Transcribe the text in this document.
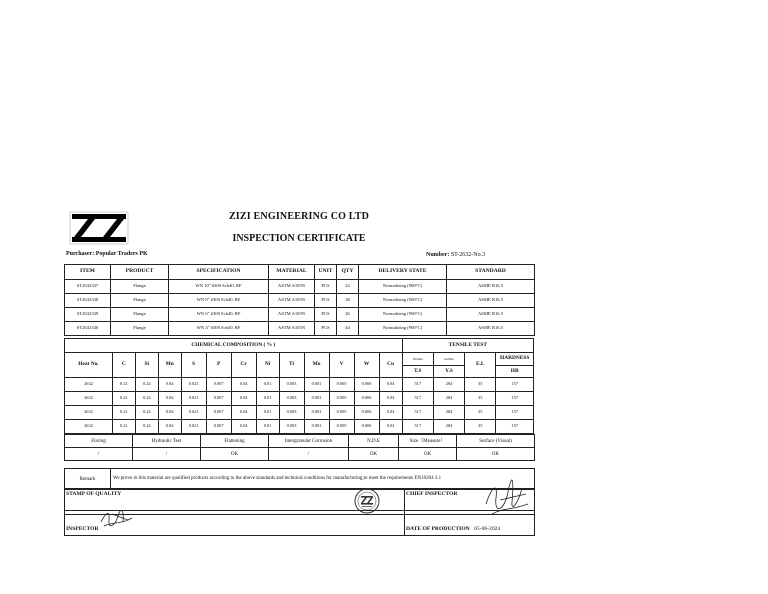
ZIZI ENGINEERING CO LTD
INSPECTION CERTIFICATE
Purchaser: Popular Traders PK	Number: ST-2632-No.3
ITEM	PRODUCT	SPECIFICATION	MATERIAL	UNIT	QTY	DELIVERY STATE	STANDARD
ST2632337	Flange	WN 10" #300 Sch40, RF	ASTM A105N	PCS	22	Normalizing (900°C)	ASME B16.5
ST2632338	Flange	WN 8" #300 Sch40, RF	ASTM A105N	PCS	38	Normalizing (900°C)	ASME B16.5
ST2632339	Flange	WN 6" #300 Sch40, RF	ASTM A105N	PCS	26	Normalizing (900°C)	ASME B16.5
ST2632340	Flange	WN 4" #300 Sch40, RF	ASTM A105N	PCS	44	Normalizing (900°C)	ASME B16.5
CHEMICAL COMPOSITION ( % )													TENSILE TEST			
Heat No.	C	Si	Mn	S	P	Cr	Ni	Ti	Mo	V	W	Cu	Ob/Mpa	Os/Mpa	E.L	HARDNESS
													T.S	Y.S		HB
2632	0.21	0.24	0.84	0.021	0.007	0.04	0.01	0.003	0.001	0.005	0.006	0.04	517	284	35	157
2632	0.21	0.24	0.84	0.021	0.007	0.04	0.01	0.003	0.001	0.005	0.006	0.04	517	284	35	157
2632	0.21	0.24	0.84	0.021	0.007	0.04	0.01	0.003	0.001	0.005	0.006	0.04	517	284	35	157
2632	0.21	0.24	0.84	0.021	0.007	0.04	0.01	0.003	0.001	0.005	0.006	0.04	517	284	35	157
Flaring	Hydraulic Test	Flattening	Intergranular Corrosion	N.D.E	Size（Measure）	Surface (Visual)
/	/	OK	/	OK	OK	OK
Remark	We prove in this material are qualified products according to the above standards and technical conditions for manufacturing,to meet the requirements EN10204 3.1
STAMP OF QUALITY	CHIEF INSPECTOR
INSPECTOR	DATE OF PRODUCTION 05-06-2024
